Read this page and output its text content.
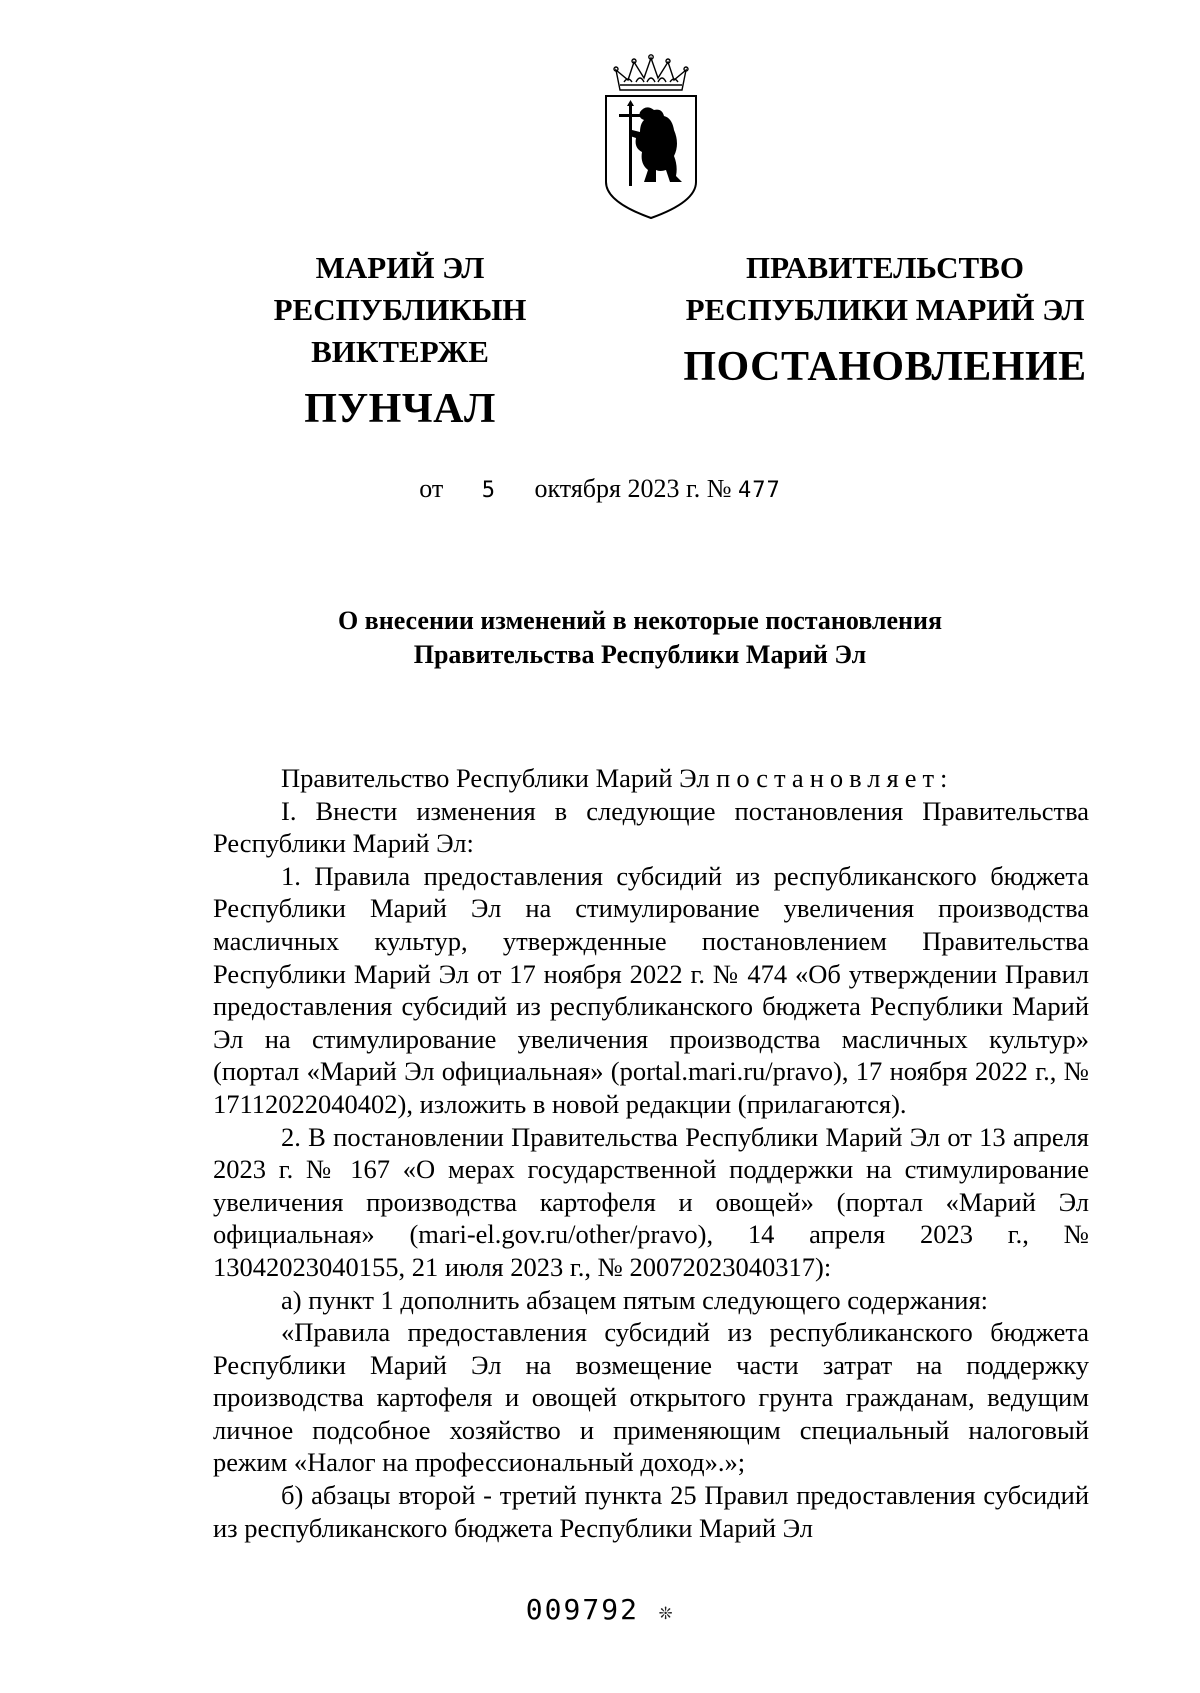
МАРИЙ ЭЛ РЕСПУБЛИКЫН
ВИКТЕРЖЕ
ПУНЧАЛ
ПРАВИТЕЛЬСТВО
РЕСПУБЛИКИ МАРИЙ ЭЛ
ПОСТАНОВЛЕНИЕ
от 5 октября 2023 г. № 477
О внесении изменений в некоторые постановления
Правительства Республики Марий Эл

Правительство Республики Марий Эл постановляет:

I. Внести изменения в следующие постановления Правительства Республики Марий Эл:

1. Правила предоставления субсидий из республиканского бюджета Республики Марий Эл на стимулирование увеличения производства масличных культур, утвержденные постановлением Правительства Республики Марий Эл от 17 ноября 2022 г. № 474 «Об утверждении Правил предоставления субсидий из республиканского бюджета Республики Марий Эл на стимулирование увеличения производства масличных культур» (портал «Марий Эл официальная» (portal.mari.ru/pravo), 17 ноября 2022 г., № 17112022040402), изложить в новой редакции (прилагаются).

2. В постановлении Правительства Республики Марий Эл от 13 апреля 2023 г. № 167 «О мерах государственной поддержки на стимулирование увеличения производства картофеля и овощей» (портал «Марий Эл официальная» (mari-el.gov.ru/other/pravo), 14 апреля 2023 г., № 13042023040155, 21 июля 2023 г., № 20072023040317):

а) пункт 1 дополнить абзацем пятым следующего содержания:

«Правила предоставления субсидий из республиканского бюджета Республики Марий Эл на возмещение части затрат на поддержку производства картофеля и овощей открытого грунта гражданам, ведущим личное подсобное хозяйство и применяющим специальный налоговый режим «Налог на профессиональный доход».»;

б) абзацы второй - третий пункта 25 Правил предоставления субсидий из республиканского бюджета Республики Марий Эл

009792 ❊
